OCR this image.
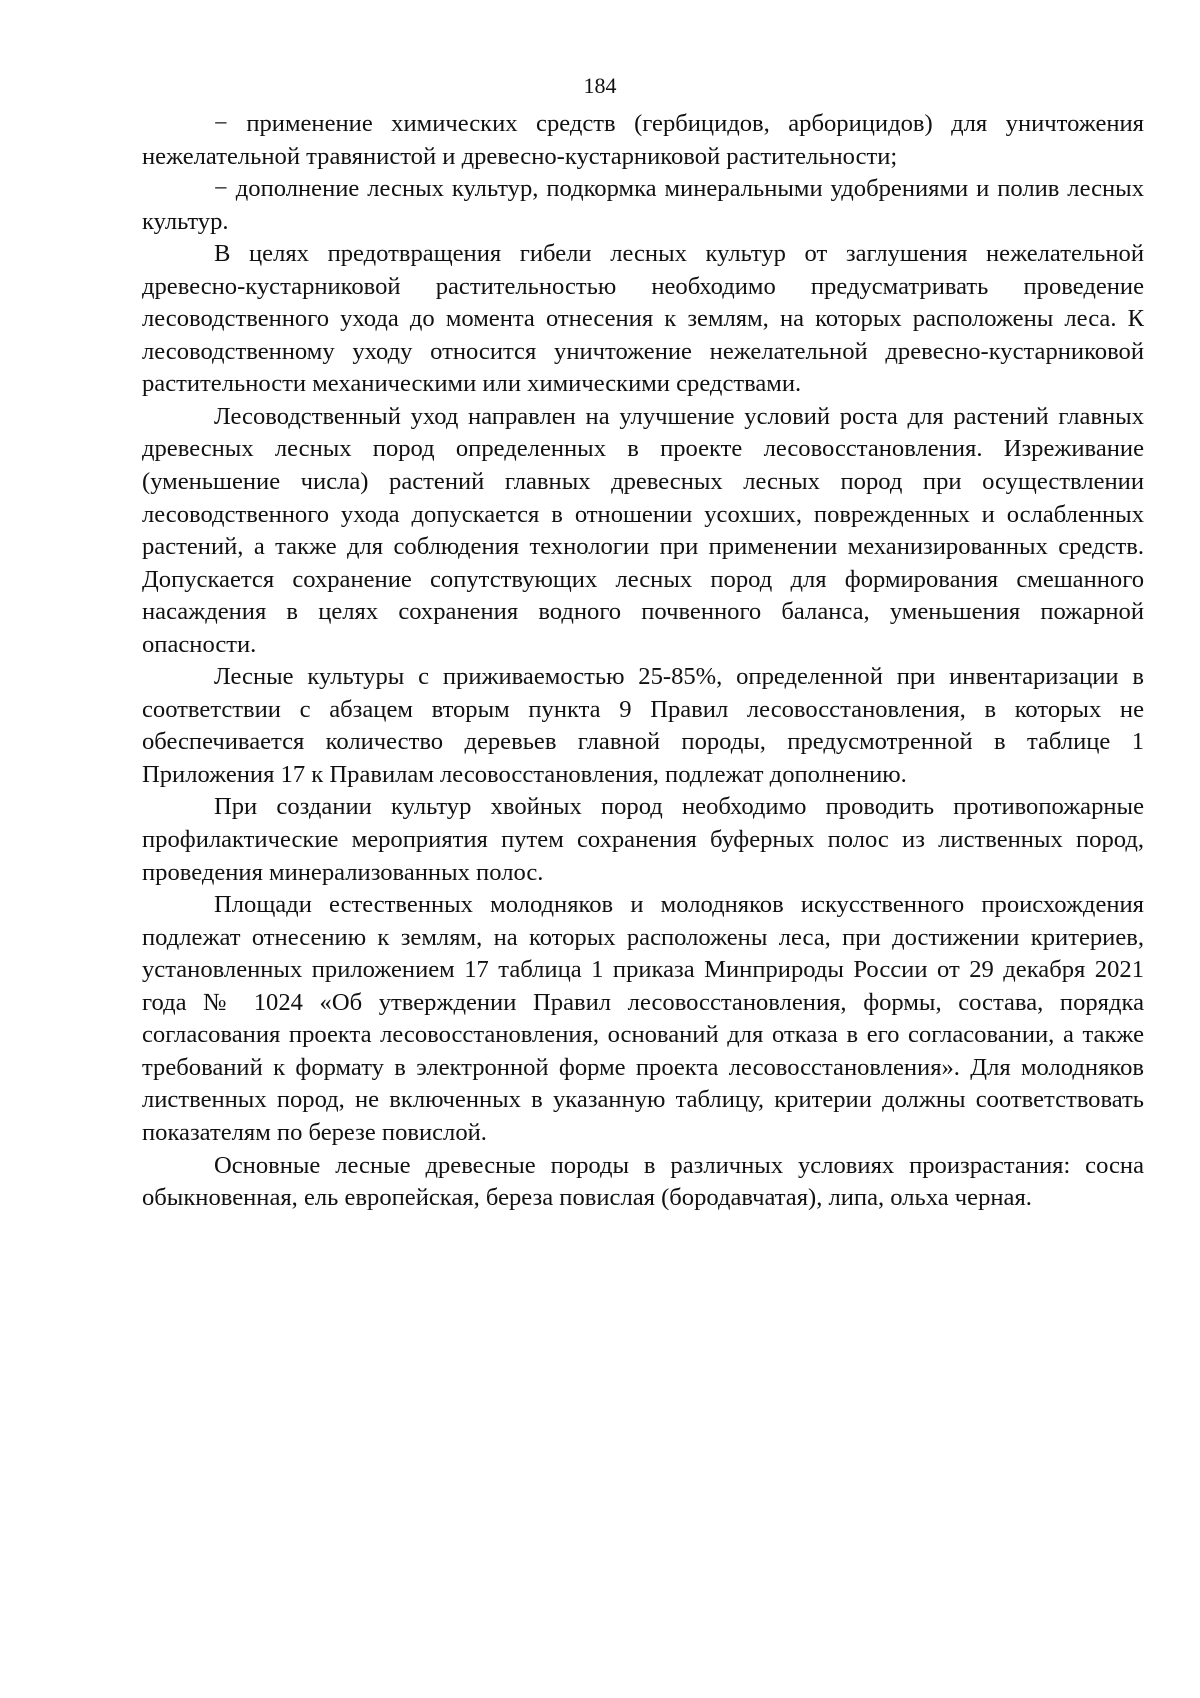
184

− применение химических средств (гербицидов, арборицидов) для уничтожения нежелательной травянистой и древесно-кустарниковой растительности;

− дополнение лесных культур, подкормка минеральными удобрениями и полив лесных культур.

В целях предотвращения гибели лесных культур от заглушения нежелательной древесно-кустарниковой растительностью необходимо предусматривать проведение лесоводственного ухода до момента отнесения к землям, на которых расположены леса. К лесоводственному уходу относится уничтожение нежелательной древесно-кустарниковой растительности механическими или химическими средствами.

Лесоводственный уход направлен на улучшение условий роста для растений главных древесных лесных пород определенных в проекте лесовосстановления. Изреживание (уменьшение числа) растений главных древесных лесных пород при осуществлении лесоводственного ухода допускается в отношении усохших, поврежденных и ослабленных растений, а также для соблюдения технологии при применении механизированных средств. Допускается сохранение сопутствующих лесных пород для формирования смешанного насаждения в целях сохранения водного почвенного баланса, уменьшения пожарной опасности.

Лесные культуры с приживаемостью 25-85%, определенной при инвентаризации в соответствии с абзацем вторым пункта 9 Правил лесовосстановления, в которых не обеспечивается количество деревьев главной породы, предусмотренной в таблице 1 Приложения 17 к Правилам лесовосстановления, подлежат дополнению.

При создании культур хвойных пород необходимо проводить противопожарные профилактические мероприятия путем сохранения буферных полос из лиственных пород, проведения минерализованных полос.

Площади естественных молодняков и молодняков искусственного происхождения подлежат отнесению к землям, на которых расположены леса, при достижении критериев, установленных приложением 17 таблица 1 приказа Минприроды России от 29 декабря 2021 года № 1024 «Об утверждении Правил лесовосстановления, формы, состава, порядка согласования проекта лесовосстановления, оснований для отказа в его согласовании, а также требований к формату в электронной форме проекта лесовосстановления». Для молодняков лиственных пород, не включенных в указанную таблицу, критерии должны соответствовать показателям по березе повислой.

Основные лесные древесные породы в различных условиях произрастания: сосна обыкновенная, ель европейская, береза повислая (бородавчатая), липа, ольха черная.
